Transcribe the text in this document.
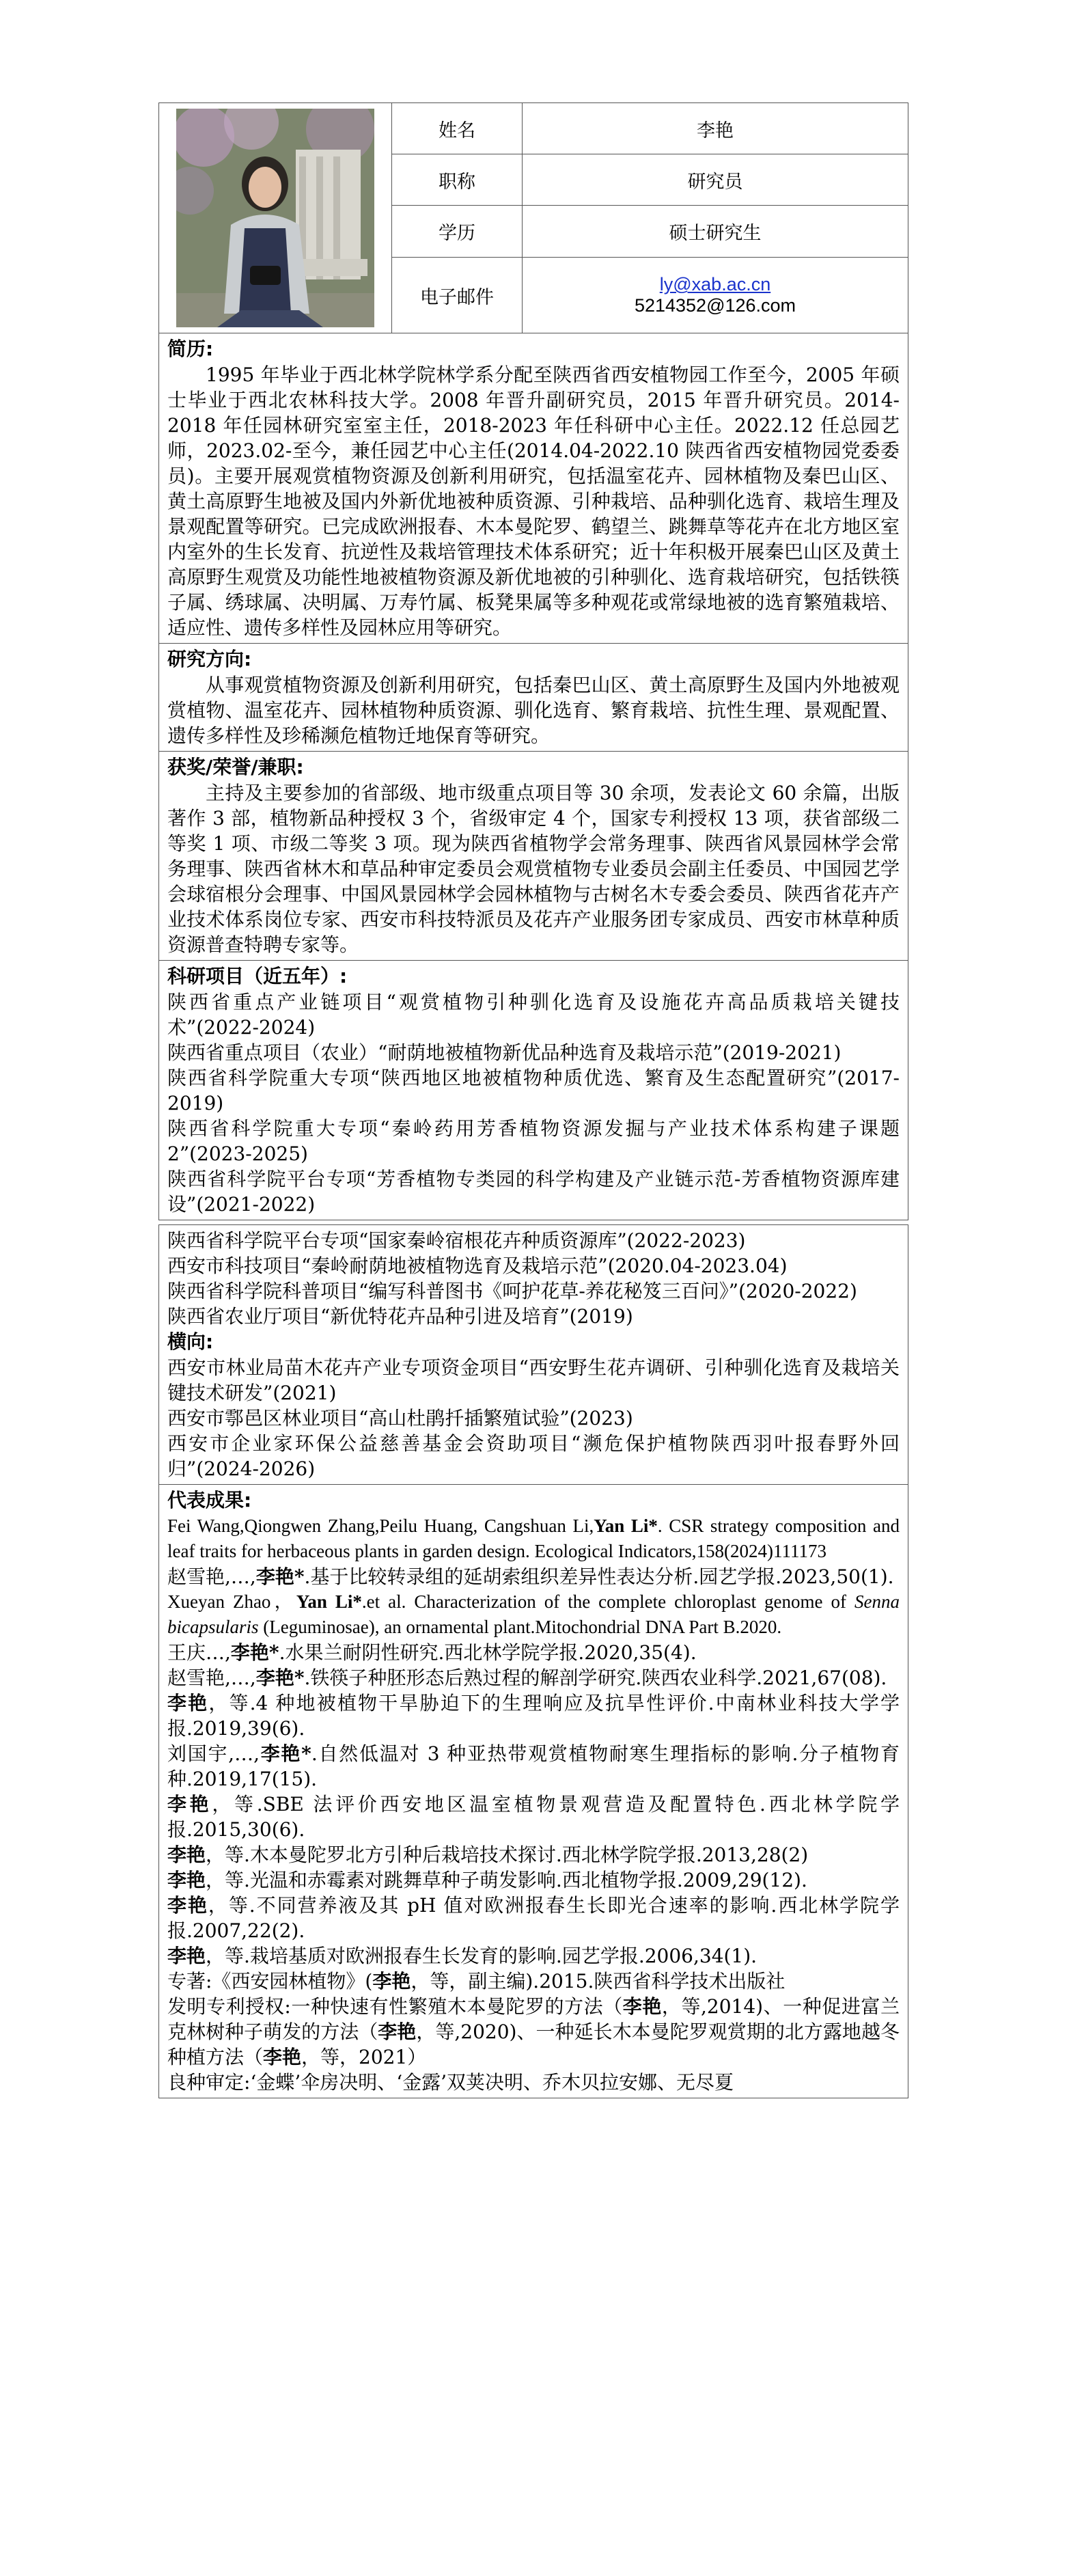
	姓名	李艳
	职称	研究员
	学历	硕士研究生
	电子邮件	ly@xab.ac.cn
5214352@126.com
简历:

1995 年毕业于西北林学院林学系分配至陕西省西安植物园工作至今，2005 年硕士毕业于西北农林科技大学。2008 年晋升副研究员，2015 年晋升研究员。2014-2018 年任园林研究室室主任，2018-2023 年任科研中心主任。2022.12 任总园艺师，2023.02-至今，兼任园艺中心主任(2014.04-2022.10 陕西省西安植物园党委委员)。主要开展观赏植物资源及创新利用研究，包括温室花卉、园林植物及秦巴山区、黄土高原野生地被及国内外新优地被种质资源、引种栽培、品种驯化选育、栽培生理及景观配置等研究。已完成欧洲报春、木本曼陀罗、鹤望兰、跳舞草等花卉在北方地区室内室外的生长发育、抗逆性及栽培管理技术体系研究；近十年积极开展秦巴山区及黄土高原野生观赏及功能性地被植物资源及新优地被的引种驯化、选育栽培研究，包括铁筷子属、绣球属、决明属、万寿竹属、板凳果属等多种观花或常绿地被的选育繁殖栽培、适应性、遗传多样性及园林应用等研究。

研究方向:

从事观赏植物资源及创新利用研究，包括秦巴山区、黄土高原野生及国内外地被观赏植物、温室花卉、园林植物种质资源、驯化选育、繁育栽培、抗性生理、景观配置、遗传多样性及珍稀濒危植物迁地保育等研究。

获奖/荣誉/兼职:

主持及主要参加的省部级、地市级重点项目等 30 余项，发表论文 60 余篇，出版著作 3 部，植物新品种授权 3 个，省级审定 4 个，国家专利授权 13 项，获省部级二等奖 1 项、市级二等奖 3 项。现为陕西省植物学会常务理事、陕西省风景园林学会常务理事、陕西省林木和草品种审定委员会观赏植物专业委员会副主任委员、中国园艺学会球宿根分会理事、中国风景园林学会园林植物与古树名木专委会委员、陕西省花卉产业技术体系岗位专家、西安市科技特派员及花卉产业服务团专家成员、西安市林草种质资源普查特聘专家等。

科研项目（近五年）:

陕西省重点产业链项目“观赏植物引种驯化选育及设施花卉高品质栽培关键技术”(2022-2024)

陕西省重点项目（农业）“耐荫地被植物新优品种选育及栽培示范”(2019-2021)

陕西省科学院重大专项“陕西地区地被植物种质优选、繁育及生态配置研究”(2017-2019)

陕西省科学院重大专项“秦岭药用芳香植物资源发掘与产业技术体系构建子课题 2”(2023-2025)

陕西省科学院平台专项“芳香植物专类园的科学构建及产业链示范-芳香植物资源库建设”(2021-2022)

陕西省科学院平台专项“国家秦岭宿根花卉种质资源库”(2022-2023)

西安市科技项目“秦岭耐荫地被植物选育及栽培示范”(2020.04-2023.04)

陕西省科学院科普项目“编写科普图书《呵护花草-养花秘笈三百问》”(2020-2022)

陕西省农业厅项目“新优特花卉品种引进及培育”(2019)

横向:

西安市林业局苗木花卉产业专项资金项目“西安野生花卉调研、引种驯化选育及栽培关键技术研发”(2021)

西安市鄠邑区林业项目“高山杜鹃扦插繁殖试验”(2023)

西安市企业家环保公益慈善基金会资助项目“濒危保护植物陕西羽叶报春野外回归”(2024-2026)

代表成果:

Fei Wang,Qiongwen Zhang,Peilu Huang, Cangshuan Li,Yan Li*. CSR strategy composition and leaf traits for herbaceous plants in garden design. Ecological Indicators,158(2024)111173

赵雪艳,…,李艳*.基于比较转录组的延胡索组织差异性表达分析.园艺学报.2023,50(1).

Xueyan Zhao，Yan Li*.et al. Characterization of the complete chloroplast genome of Senna bicapsularis (Leguminosae), an ornamental plant.Mitochondrial DNA Part B.2020.

王庆…,李艳*.水果兰耐阴性研究.西北林学院学报.2020,35(4).

赵雪艳,…,李艳*.铁筷子种胚形态后熟过程的解剖学研究.陕西农业科学.2021,67(08).

李艳，等.4 种地被植物干旱胁迫下的生理响应及抗旱性评价.中南林业科技大学学报.2019,39(6).

刘国宇,…,李艳*.自然低温对 3 种亚热带观赏植物耐寒生理指标的影响.分子植物育种.2019,17(15).

李艳，等.SBE 法评价西安地区温室植物景观营造及配置特色.西北林学院学报.2015,30(6).

李艳，等.木本曼陀罗北方引种后栽培技术探讨.西北林学院学报.2013,28(2)

李艳，等.光温和赤霉素对跳舞草种子萌发影响.西北植物学报.2009,29(12).

李艳，等.不同营养液及其 pH 值对欧洲报春生长即光合速率的影响.西北林学院学报.2007,22(2).

李艳，等.栽培基质对欧洲报春生长发育的影响.园艺学报.2006,34(1).

专著:《西安园林植物》(李艳，等，副主编).2015.陕西省科学技术出版社

发明专利授权:一种快速有性繁殖木本曼陀罗的方法（李艳，等,2014)、一种促进富兰克林树种子萌发的方法（李艳，等,2020)、一种延长木本曼陀罗观赏期的北方露地越冬种植方法（李艳，等，2021）

良种审定:‘金蝶’伞房决明、‘金露’双荚决明、乔木贝拉安娜、无尽夏
